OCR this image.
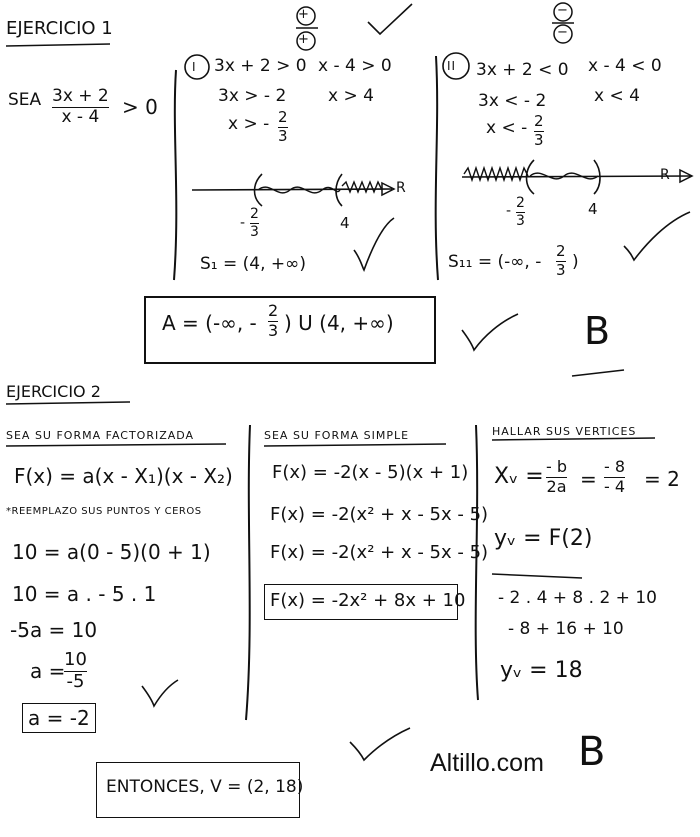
EJERCICIO 1
+
+
−
−
SEA 3x + 2
x - 4 > 0
I 3x + 2 > 0 x - 4 > 0
3x > - 2 x > 4
x > - 2
3
R
-
2
3	4
S₁ = (4, +∞)
II 3x + 2 < 0 x - 4 < 0
3x < - 2	x < 4
x < - 2
3
R
- 2
3
4
S₁₁ = (-∞, -
2
3 )
A = (-∞, -
2
3 ) U (4, +∞)	B
EJERCICIO 2
SEA SU FORMA FACTORIZADA
F(x) = a(x - X₁)(x - X₂)
*REEMPLAZO SUS PUNTOS Y CEROS
10 = a(0 - 5)(0 + 1)
10 = a . - 5 . 1
-5a = 10
a =
10
-5
a = -2
SEA SU FORMA SIMPLE
F(x) = -2(x - 5)(x + 1)
F(x) = -2(x² + x - 5x - 5)
F(x) = -2(x² + x - 5x - 5)
F(x) = -2x² + 8x + 10
HALLAR SUS VERTICES
Xᵥ = - b
2a =
- 8
- 4 = 2
yᵥ = F(2)
- 2 . 4 + 8 . 2 + 10
- 8 + 16 + 10
yᵥ = 18
ENTONCES, V = (2, 18)
Altillo.com B
